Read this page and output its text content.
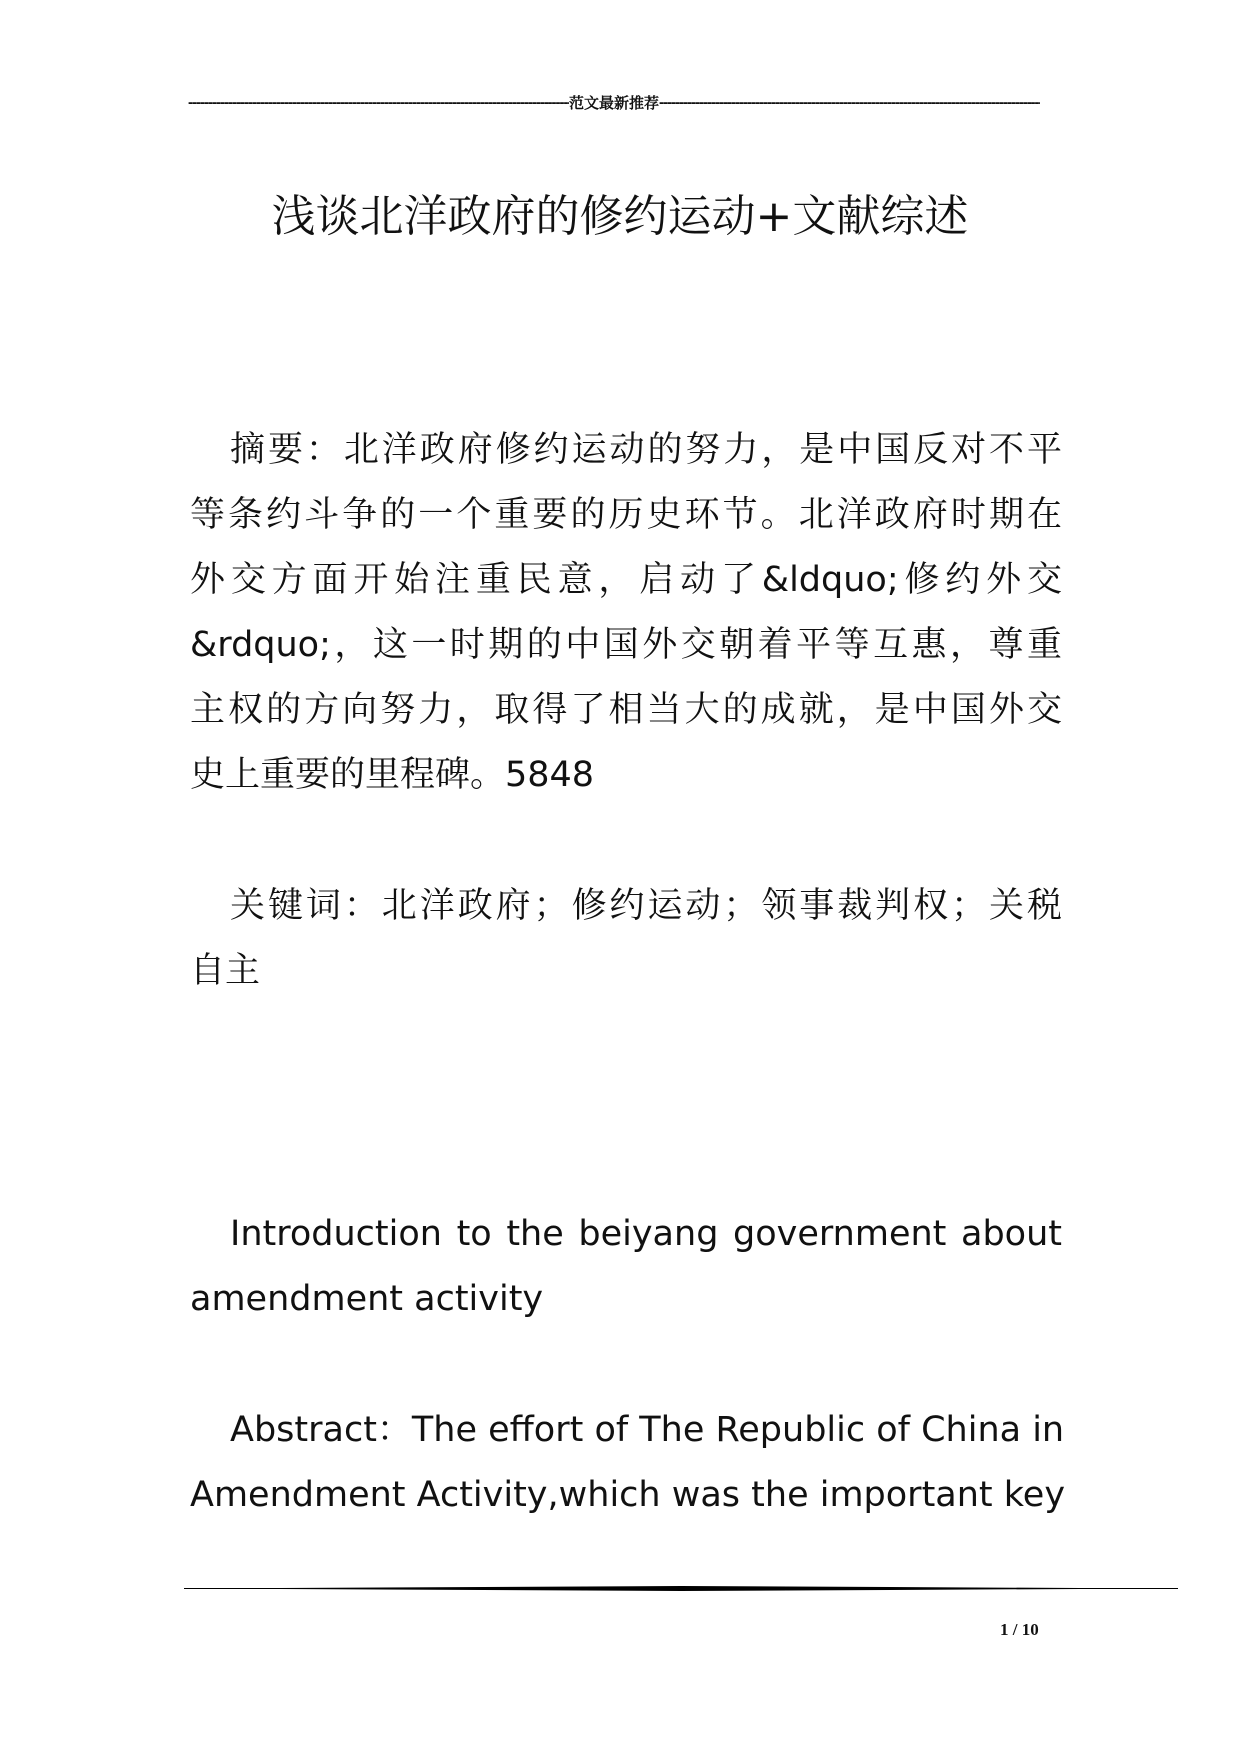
-----
范文最新推荐
-----
浅谈北洋政府的修约运动+文献综述
摘要：北洋政府修约运动的努力，是中国反对不平
等条约斗争的一个重要的历史环节。北洋政府时期在
外交方面开始注重民意，启动了&ldquo;修约外交
&rdquo;，这一时期的中国外交朝着平等互惠，尊重
主权的方向努力，取得了相当大的成就，是中国外交
史上重要的里程碑。5848
关键词：北洋政府；修约运动；领事裁判权；关税
自主
Introduction to the beiyang government about
amendment activity
Abstract：The effort of The Republic of China in
Amendment Activity,which was the important key
1 / 10
